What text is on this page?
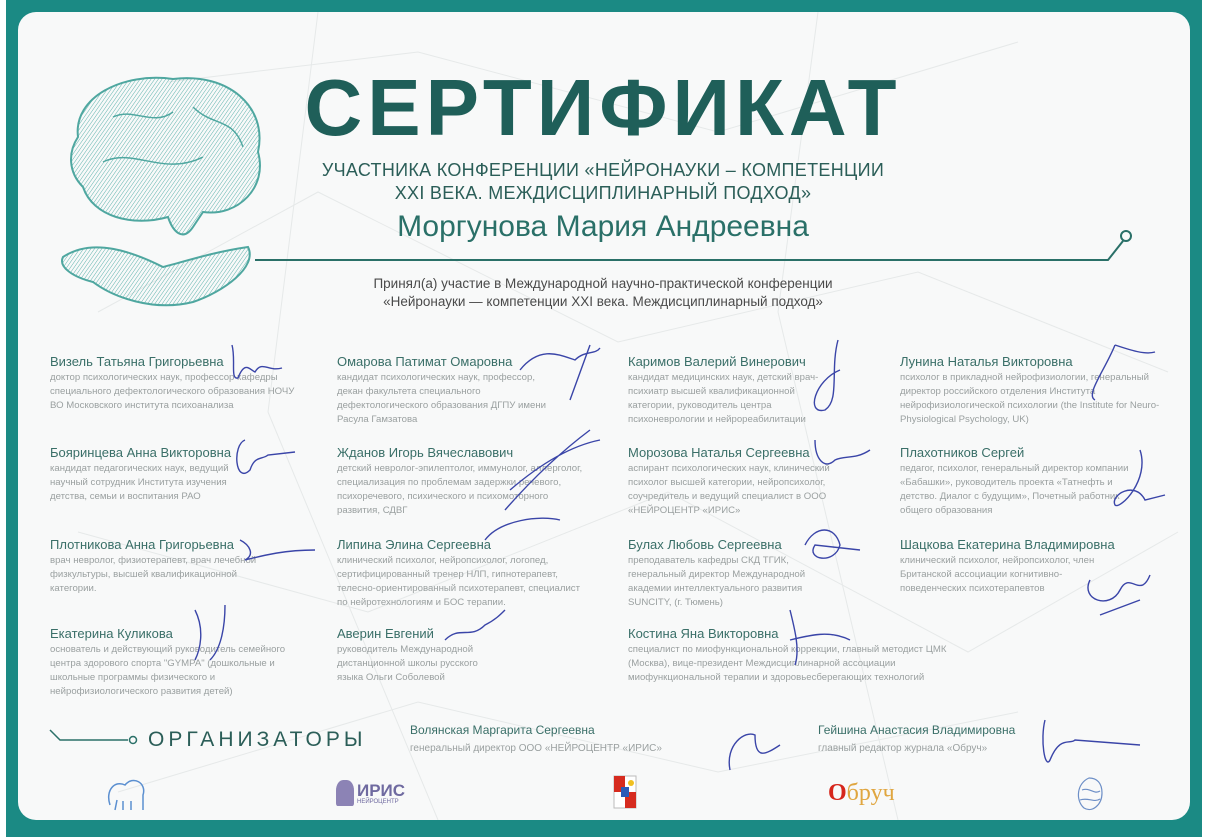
СЕРТИФИКАТ
УЧАСТНИКА КОНФЕРЕНЦИИ «НЕЙРОНАУКИ – КОМПЕТЕНЦИИ
XXI ВЕКА. МЕЖДИСЦИПЛИНАРНЫЙ ПОДХОД»
Моргунова Мария Андреевна
Принял(а) участие в Международной научно-практической конференции
«Нейронауки — компетенции XXI века. Междисциплинарный подход»
Визель Татьяна Григорьевна
доктор психологических наук, профессор кафедры специального дефектологического образования НОЧУ ВО Московского института психоанализа
Бояринцева Анна Викторовна
кандидат педагогических наук, ведущий научный сотрудник Института изучения детства, семьи и воспитания РАО
Плотникова Анна Григорьевна
врач невролог, физиотерапевт, врач лечебной физкультуры, высшей квалификационной категории.
Екатерина Куликова
основатель и действующий руководитель семейного центра здорового спорта "GYMPA" (дошкольные и школьные программы физического и нейрофизиологического развития детей)
Омарова Патимат Омаровна
кандидат психологических наук, профессор, декан факультета специального дефектологического образования ДГПУ имени Расула Гамзатова
Жданов Игорь Вячеславович
детский невролог-эпилептолог, иммунолог, аллерголог, специализация по проблемам задержки речевого, психоречевого, психического и психомоторного развития, СДВГ
Липина Элина Сергеевна
клинический психолог, нейропсихолог, логопед, сертифицированный тренер НЛП, гипнотерапевт, телесно-ориентированный психотерапевт, специалист по нейротехнологиям и БОС терапии.
Аверин Евгений
руководитель Международной дистанционной школы русского языка Ольги Соболевой
Каримов Валерий Винерович
кандидат медицинских наук, детский врач-психиатр высшей квалификационной категории, руководитель центра психоневрологии и нейрореабилитации
Морозова Наталья Сергеевна
аспирант психологических наук, клинический психолог высшей категории, нейропсихолог, соучредитель и ведущий специалист в ООО «НЕЙРОЦЕНТР «ИРИС»
Булах Любовь Сергеевна
преподаватель кафедры СКД ТГИК, генеральный директор Международной академии интеллектуального развития SUNCITY, (г. Тюмень)
Костина Яна Викторовна
специалист по миофункциональной коррекции, главный методист ЦМК (Москва), вице-президент Междисциплинарной ассоциации миофункциональной терапии и здоровьесберегающих технологий
Лунина Наталья Викторовна
психолог в прикладной нейрофизиологии, генеральный директор российского отделения Института нейрофизиологической психологии (the Institute for Neuro-Physiological Psychology, UK)
Плахотников Сергей
педагог, психолог, генеральный директор компании «Бабашки», руководитель проекта «Татнефть и детство. Диалог с будущим», Почетный работник общего образования
Шацкова Екатерина Владимировна
клинический психолог, нейропсихолог, член Британской ассоциации когнитивно-поведенческих психотерапевтов
ОРГАНИЗАТОРЫ	Волянская Маргарита Сергеевна
генеральный директор ООО «НЕЙРОЦЕНТР «ИРИС»
Гейшина Анастасия Владимировна
главный редактор журнала «Обруч»
ИРИС
НЕЙРОЦЕНТР	Обруч
